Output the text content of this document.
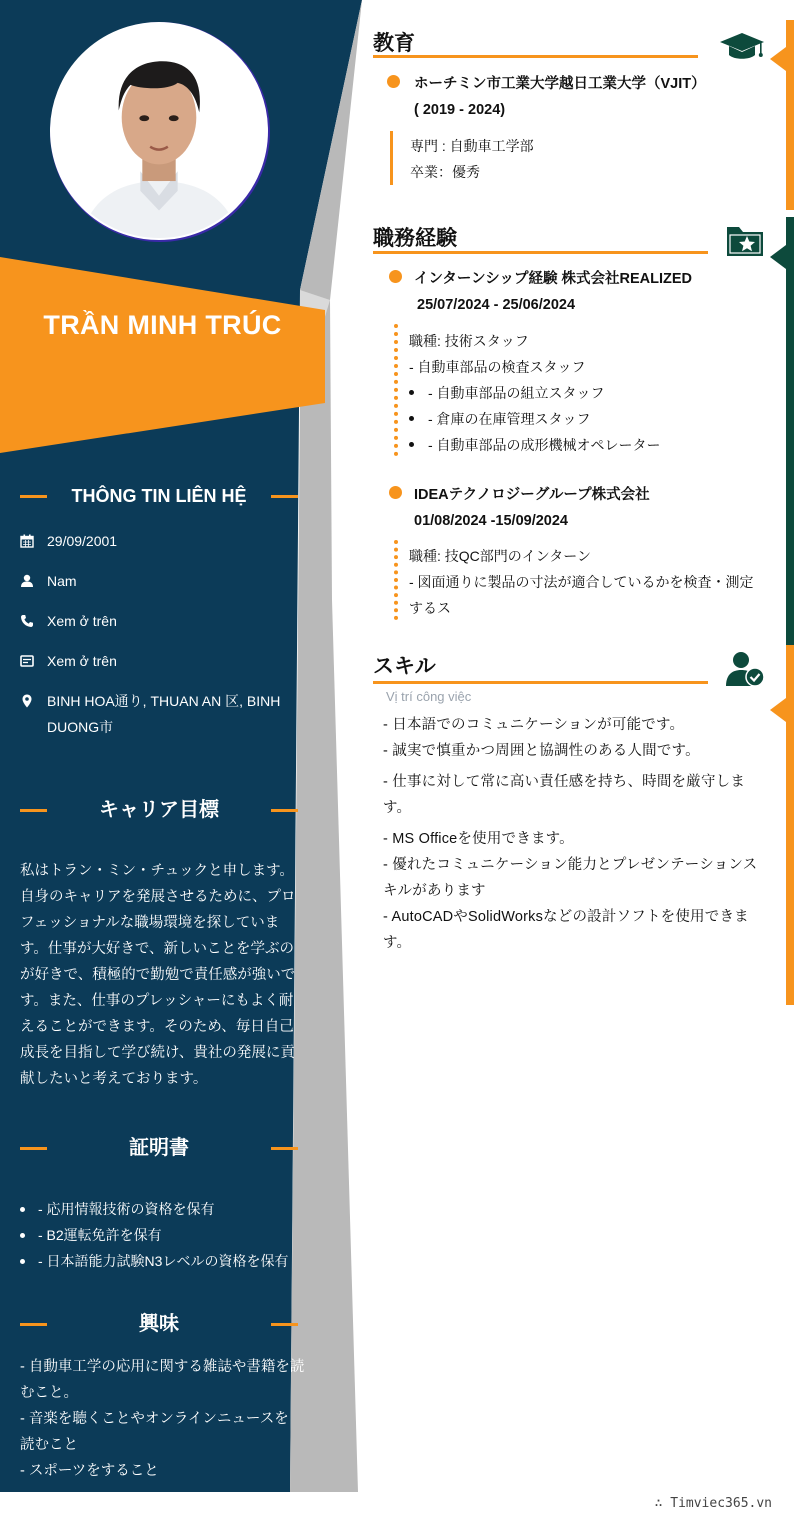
TRẦN MINH TRÚC
THÔNG TIN LIÊN HỆ
29/09/2001
Nam
Xem ở trên
Xem ở trên
BINH HOA通り, THUAN AN 区, BINH
DUONG市
キャリア目標
私はトラン・ミン・チュックと申します。
自身のキャリアを発展させるために、プロ
フェッショナルな職場環境を探していま
す。仕事が大好きで、新しいことを学ぶの
が好きで、積極的で勤勉で責任感が強いで
す。また、仕事のプレッシャーにもよく耐
えることができます。そのため、毎日自己
成長を目指して学び続け、貴社の発展に貢
献したいと考えております。
証明書
- 応用情報技術の資格を保有
- B2運転免許を保有
- 日本語能力試験N3レベルの資格を保有
興味
- 自動車工学の応用に関する雑誌や書籍を読
むこと。
- 音楽を聴くことやオンラインニュースを
読むこと
- スポーツをすること
教育
ホーチミン市工業大学越日工業大学（VJIT）
( 2019 - 2024)
専門 : 自動車工学部
卒業：優秀
職務経験
インターンシップ経験 株式会社REALIZED
25/07/2024 - 25/06/2024
職種: 技術スタッフ
- 自動車部品の検査スタッフ
- 自動車部品の組立スタッフ
- 倉庫の在庫管理スタッフ
- 自動車部品の成形機械オペレーター
IDEAテクノロジーグループ株式会社
01/08/2024 -15/09/2024
職種: 技QC部門のインターン
- 図面通りに製品の寸法が適合しているかを検査・測定
するス
スキル
Vị trí công việc
- 日本語でのコミュニケーションが可能です。
- 誠実で慎重かつ周囲と協調性のある人間です。
- 仕事に対して常に高い責任感を持ち、時間を厳守しま
す。
- MS Officeを使用できます。
- 優れたコミュニケーション能力とプレゼンテーションス
キルがあります
- AutoCADやSolidWorksなどの設計ソフトを使用できま
す。
∴ Timviec365.vn
